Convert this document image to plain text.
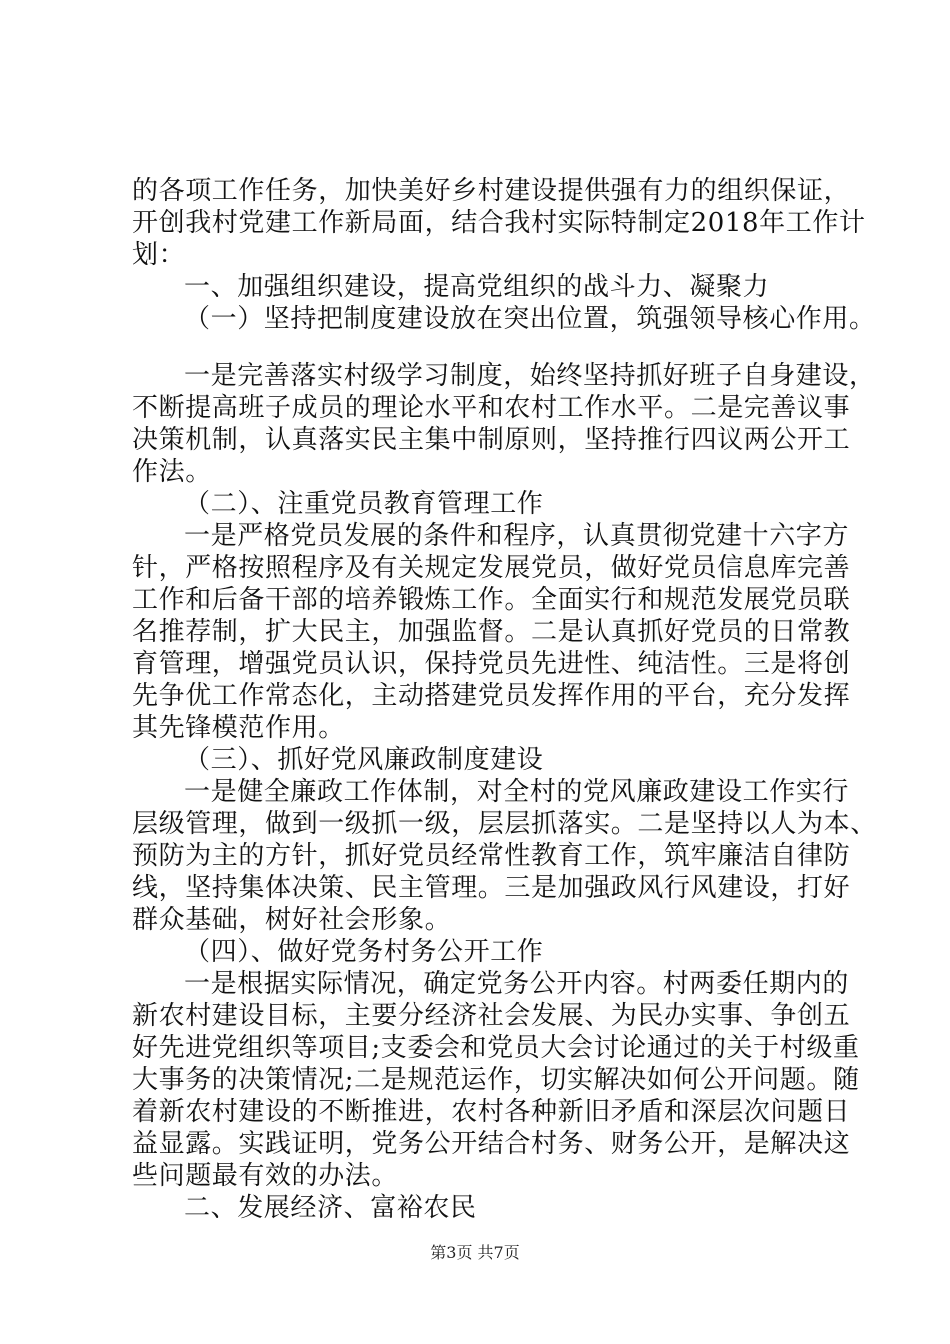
的各项工作任务，加快美好乡村建设提供强有力的组织保证，
开创我村党建工作新局面，结合我村实际特制定2018年工作计
划：
一、加强组织建设，提高党组织的战斗力、凝聚力
（一）坚持把制度建设放在突出位置，筑强领导核心作用。
一是完善落实村级学习制度，始终坚持抓好班子自身建设，
不断提高班子成员的理论水平和农村工作水平。二是完善议事
决策机制，认真落实民主集中制原则，坚持推行四议两公开工
作法。
（二）、注重党员教育管理工作
一是严格党员发展的条件和程序，认真贯彻党建十六字方
针，严格按照程序及有关规定发展党员，做好党员信息库完善
工作和后备干部的培养锻炼工作。全面实行和规范发展党员联
名推荐制，扩大民主，加强监督。二是认真抓好党员的日常教
育管理，增强党员认识，保持党员先进性、纯洁性。三是将创
先争优工作常态化，主动搭建党员发挥作用的平台，充分发挥
其先锋模范作用。
（三）、抓好党风廉政制度建设
一是健全廉政工作体制，对全村的党风廉政建设工作实行
层级管理，做到一级抓一级，层层抓落实。二是坚持以人为本、
预防为主的方针，抓好党员经常性教育工作，筑牢廉洁自律防
线，坚持集体决策、民主管理。三是加强政风行风建设，打好
群众基础，树好社会形象。
（四）、做好党务村务公开工作
一是根据实际情况，确定党务公开内容。村两委任期内的
新农村建设目标，主要分经济社会发展、为民办实事、争创五
好先进党组织等项目;支委会和党员大会讨论通过的关于村级重
大事务的决策情况;二是规范运作，切实解决如何公开问题。随
着新农村建设的不断推进，农村各种新旧矛盾和深层次问题日
益显露。实践证明，党务公开结合村务、财务公开，是解决这
些问题最有效的办法。
二、发展经济、富裕农民
第3页 共7页
